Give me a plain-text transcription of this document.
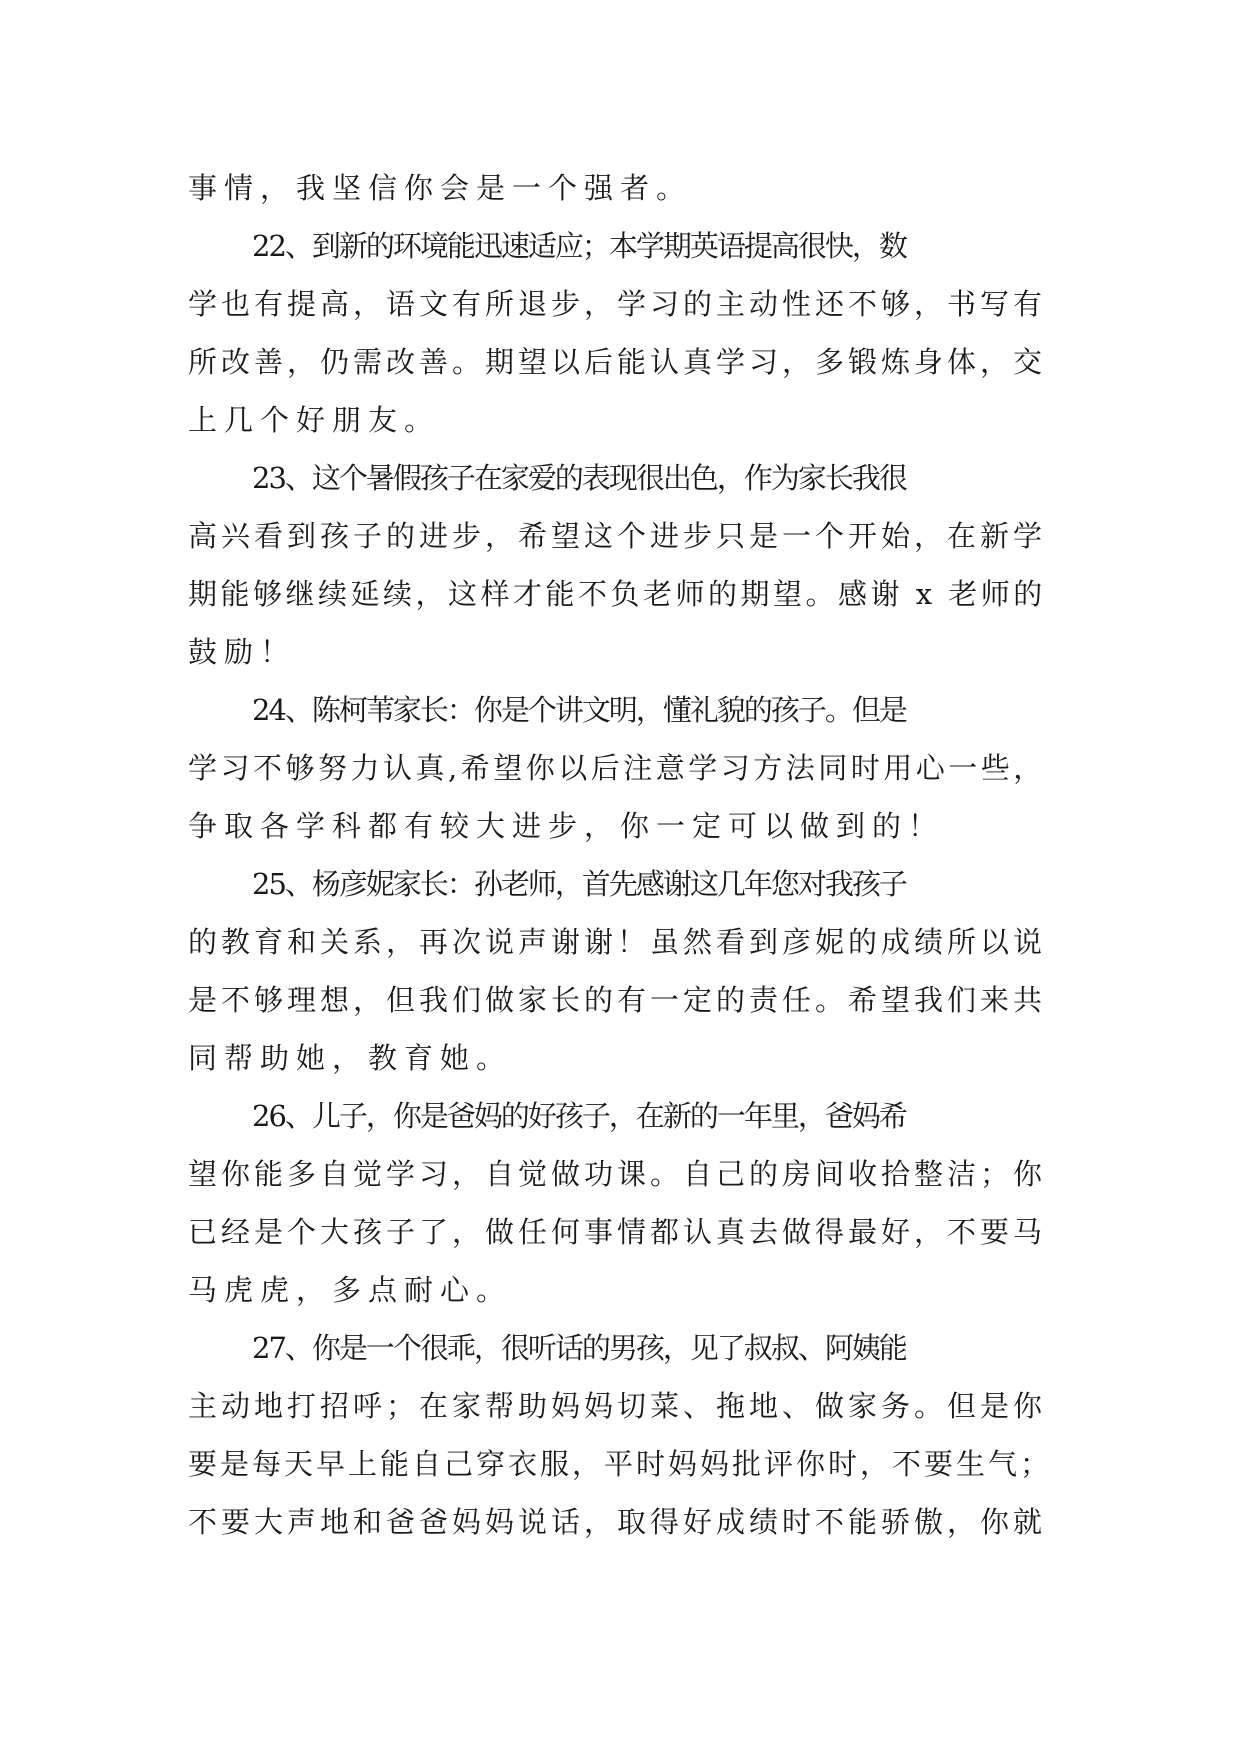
事情，我坚信你会是一个强者。
22、到新的环境能迅速适应；本学期英语提高很快，数
学也有提高，语文有所退步，学习的主动性还不够，书写有
所改善，仍需改善。期望以后能认真学习，多锻炼身体，交
上几个好朋友。
23、这个暑假孩子在家爱的表现很出色，作为家长我很
高兴看到孩子的进步，希望这个进步只是一个开始，在新学
期能够继续延续，这样才能不负老师的期望。感谢 x 老师的
鼓励！
24、陈柯苇家长：你是个讲文明，懂礼貌的孩子。但是
学习不够努力认真,希望你以后注意学习方法同时用心一些，
争取各学科都有较大进步，你一定可以做到的！
25、杨彦妮家长：孙老师，首先感谢这几年您对我孩子
的教育和关系，再次说声谢谢！虽然看到彦妮的成绩所以说
是不够理想，但我们做家长的有一定的责任。希望我们来共
同帮助她，教育她。
26、儿子，你是爸妈的好孩子，在新的一年里，爸妈希
望你能多自觉学习，自觉做功课。自己的房间收拾整洁；你
已经是个大孩子了，做任何事情都认真去做得最好，不要马
马虎虎，多点耐心。
27、你是一个很乖，很听话的男孩，见了叔叔、阿姨能
主动地打招呼；在家帮助妈妈切菜、拖地、做家务。但是你
要是每天早上能自己穿衣服，平时妈妈批评你时，不要生气；
不要大声地和爸爸妈妈说话，取得好成绩时不能骄傲，你就
